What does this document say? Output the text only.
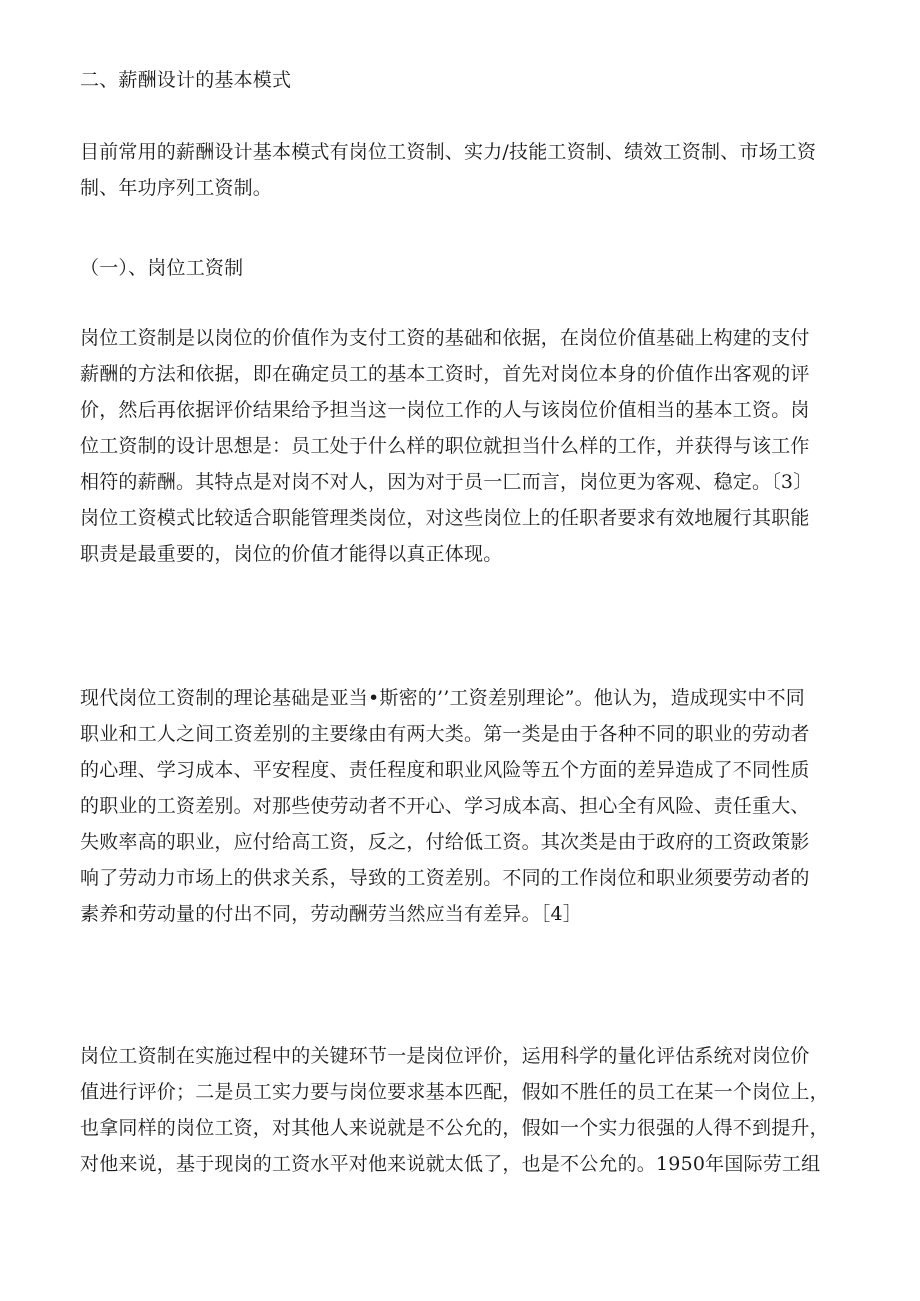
二、薪酬设计的基本模式
目前常用的薪酬设计基本模式有岗位工资制、实力/技能工资制、绩效工资制、市场工资
制、年功序列工资制。
（一）、岗位工资制
岗位工资制是以岗位的价值作为支付工资的基础和依据，在岗位价值基础上构建的支付
薪酬的方法和依据，即在确定员工的基本工资时，首先对岗位本身的价值作出客观的评
价，然后再依据评价结果给予担当这一岗位工作的人与该岗位价值相当的基本工资。岗
位工资制的设计思想是：员工处于什么样的职位就担当什么样的工作，并获得与该工作
相符的薪酬。其特点是对岗不对人，因为对于员一匚而言，岗位更为客观、稳定。〔3〕
岗位工资模式比较适合职能管理类岗位，对这些岗位上的任职者要求有效地履行其职能
职责是最重要的，岗位的价值才能得以真正体现。
现代岗位工资制的理论基础是亚当•斯密的’’工资差别理论”。他认为，造成现实中不同
职业和工人之间工资差别的主要缘由有两大类。第一类是由于各种不同的职业的劳动者
的心理、学习成本、平安程度、责任程度和职业风险等五个方面的差异造成了不同性质
的职业的工资差别。对那些使劳动者不开心、学习成本高、担心全有风险、责任重大、
失败率高的职业，应付给高工资，反之，付给低工资。其次类是由于政府的工资政策影
响了劳动力市场上的供求关系，导致的工资差别。不同的工作岗位和职业须要劳动者的
素养和劳动量的付出不同，劳动酬劳当然应当有差异。［4］
岗位工资制在实施过程中的关键环节一是岗位评价，运用科学的量化评估系统对岗位价
值进行评价；二是员工实力要与岗位要求基本匹配，假如不胜任的员工在某一个岗位上，
也拿同样的岗位工资，对其他人来说就是不公允的，假如一个实力很强的人得不到提升，
对他来说，基于现岗的工资水平对他来说就太低了，也是不公允的。1950年国际劳工组
